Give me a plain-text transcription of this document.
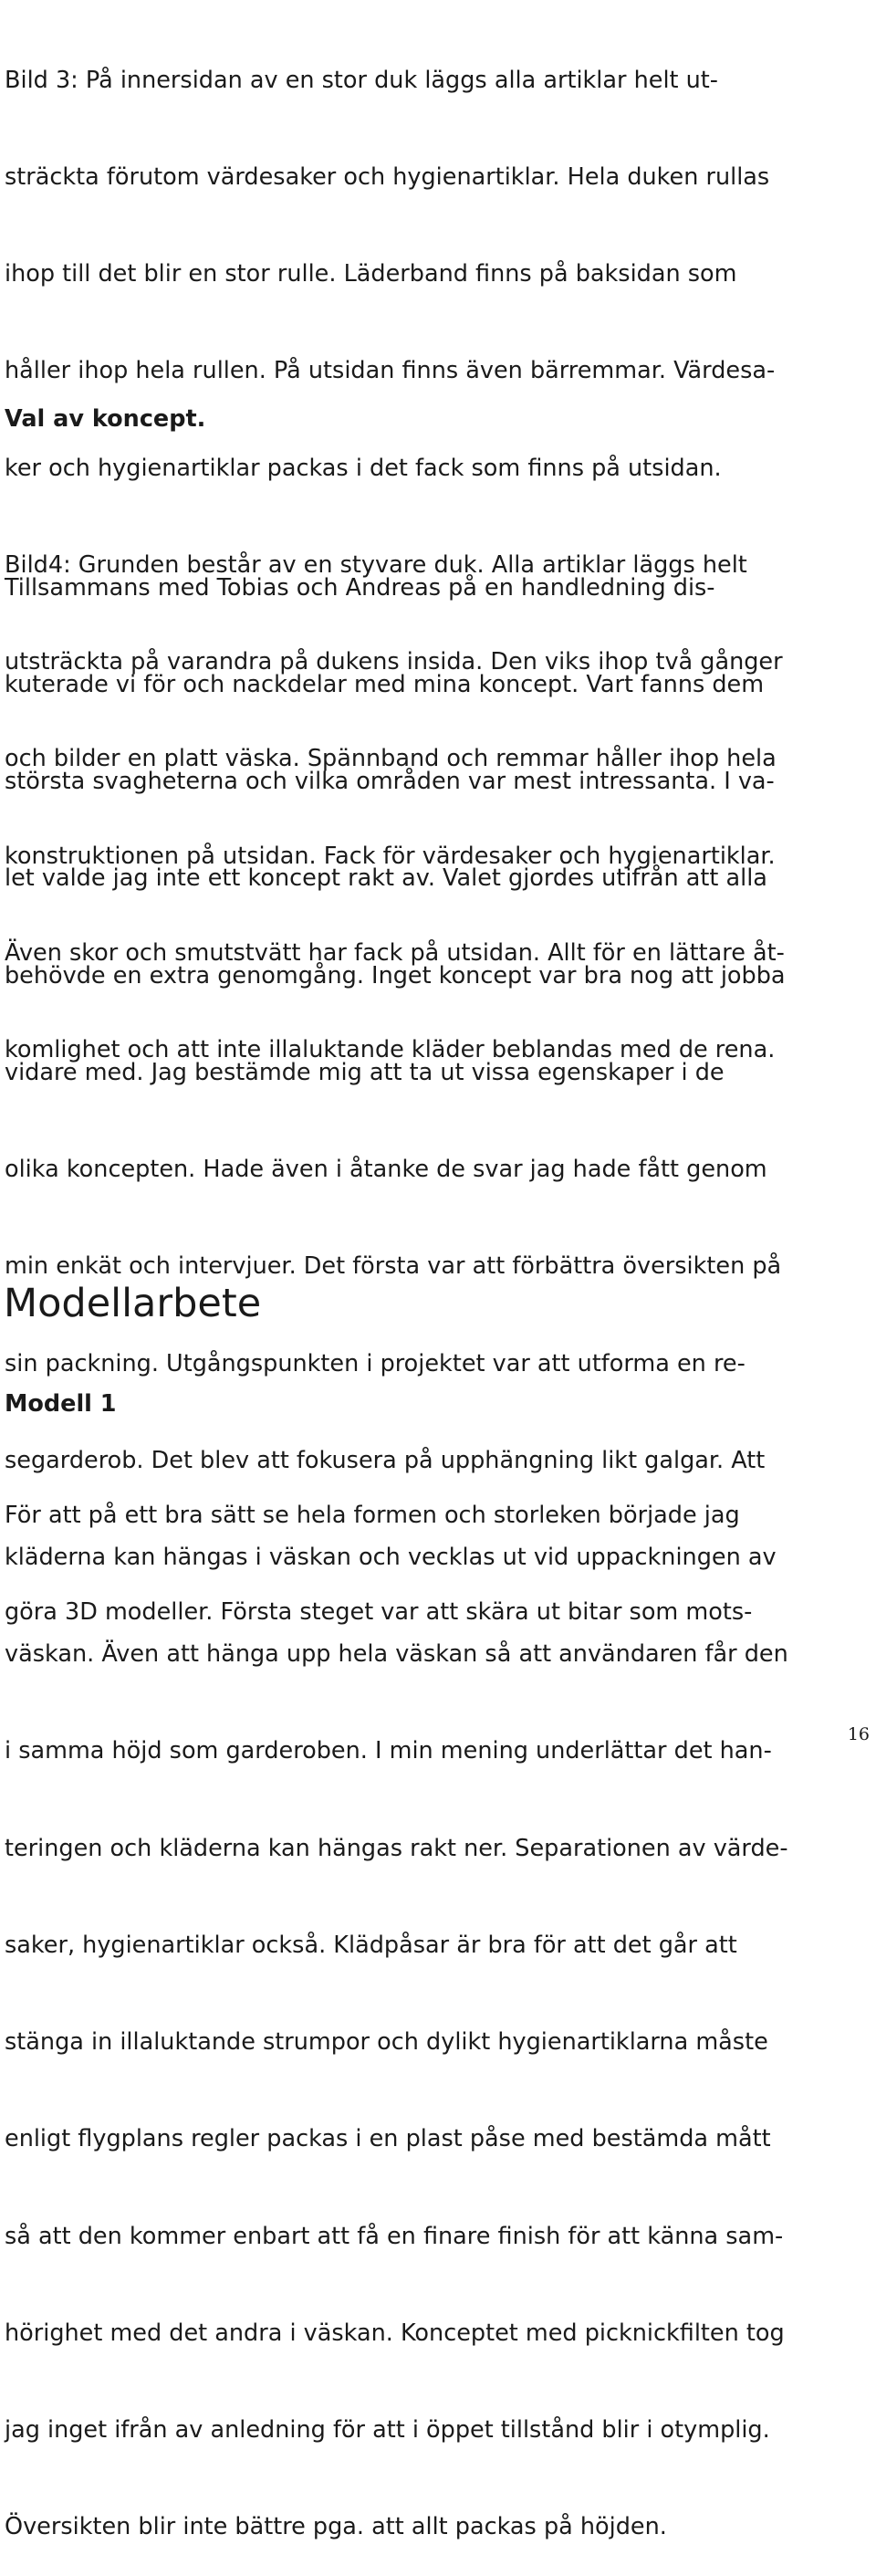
Bild 3: På innersidan av en stor duk läggs alla artiklar helt ut-

sträckta förutom värdesaker och hygienartiklar. Hela duken rullas

ihop till det blir en stor rulle. Läderband finns på baksidan som

håller ihop hela rullen. På utsidan finns även bärremmar. Värdesa-

ker och hygienartiklar packas i det fack som finns på utsidan.

Bild4: Grunden består av en styvare duk. Alla artiklar läggs helt

utsträckta på varandra på dukens insida. Den viks ihop två gånger

och bilder en platt väska. Spännband och remmar håller ihop hela

konstruktionen på utsidan. Fack för värdesaker och hygienartiklar.

Även skor och smutstvätt har fack på utsidan. Allt för en lättare åt-

komlighet och att inte illaluktande kläder beblandas med de rena.

Val av koncept.

Tillsammans med Tobias och Andreas på en handledning dis-

kuterade vi för och nackdelar med mina koncept. Vart fanns dem

största svagheterna och vilka områden var mest intressanta. I va-

let valde jag inte ett koncept rakt av. Valet gjordes utifrån att alla

behövde en extra genomgång. Inget koncept var bra nog att jobba

vidare med. Jag bestämde mig att ta ut vissa egenskaper i de

olika koncepten. Hade även i åtanke de svar jag hade fått genom

min enkät och intervjuer. Det första var att förbättra översikten på

sin packning. Utgångspunkten i projektet var att utforma en re-

segarderob. Det blev att fokusera på upphängning likt galgar. Att

kläderna kan hängas i väskan och vecklas ut vid uppackningen av

väskan. Även att hänga upp hela väskan så att användaren får den

i samma höjd som garderoben. I min mening underlättar det han-

teringen och kläderna kan hängas rakt ner. Separationen av värde-

saker, hygienartiklar också. Klädpåsar är bra för att det går att

stänga in illaluktande strumpor och dylikt hygienartiklarna måste

enligt flygplans regler packas i en plast påse med bestämda mått

så att den kommer enbart att få en finare finish för att känna sam-

hörighet med det andra i väskan. Konceptet med picknickfilten tog

jag inget ifrån av anledning för att i öppet tillstånd blir i otymplig.

Översikten blir inte bättre pga. att allt packas på höjden.

Modellarbete
Modell 1

För att på ett bra sätt se hela formen och storleken började jag

göra 3D modeller. Första steget var att skära ut bitar som mots-

16
